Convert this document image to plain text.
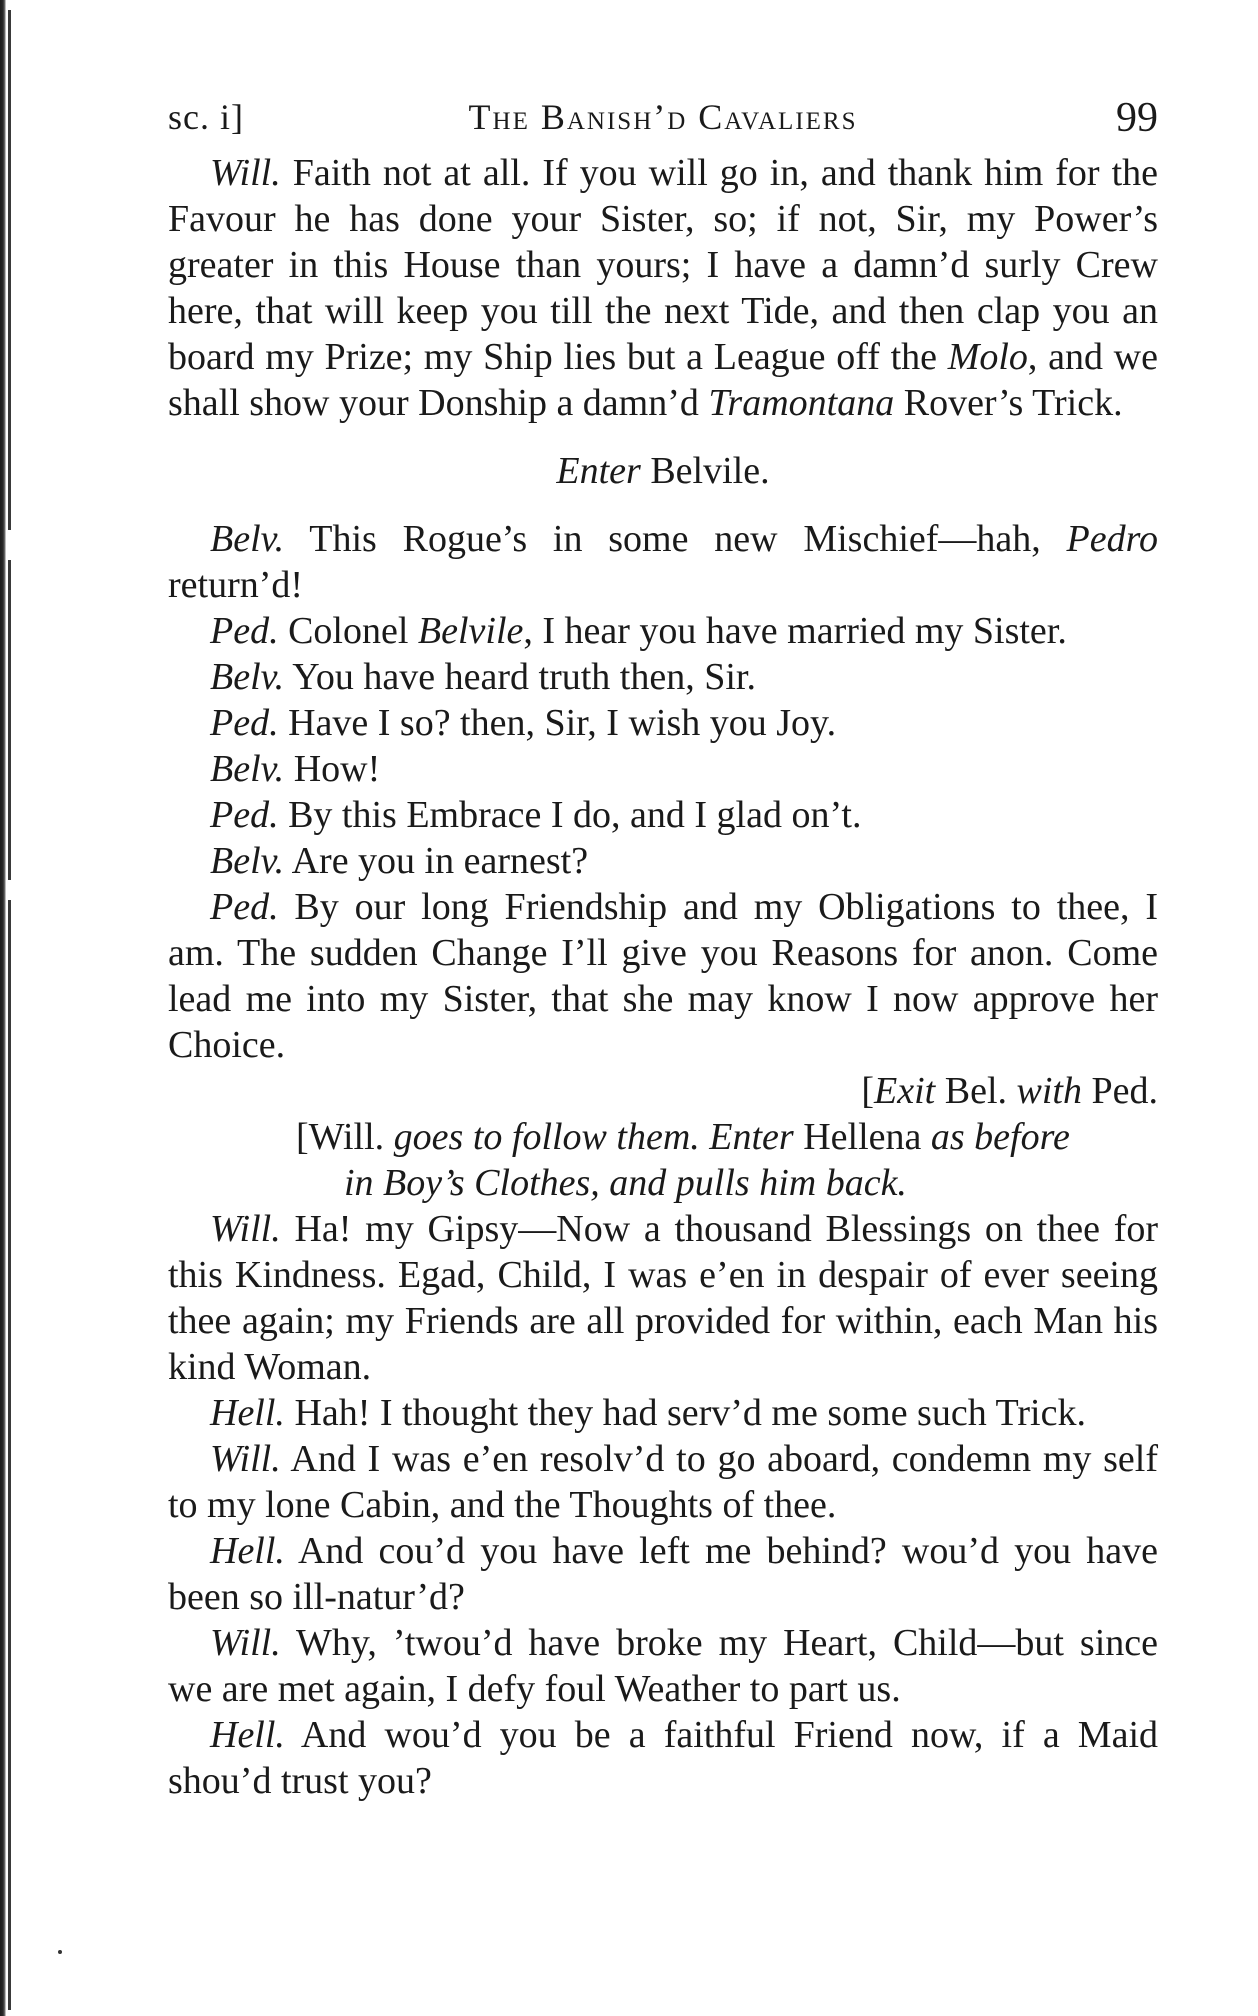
sc. i]	The Banish’d Cavaliers	99

Will. Faith not at all. If you will go in, and thank him for the Favour he has done your Sister, so; if not, Sir, my Power’s greater in this House than yours; I have a damn’d surly Crew here, that will keep you till the next Tide, and then clap you an board my Prize; my Ship lies but a League off the Molo, and we shall show your Donship a damn’d Tramontana Rover’s Trick.

Enter Belvile.

Belv. This Rogue’s in some new Mischief—hah, Pedro return’d!

Ped. Colonel Belvile, I hear you have married my Sister.

Belv. You have heard truth then, Sir.

Ped. Have I so? then, Sir, I wish you Joy.

Belv. How!

Ped. By this Embrace I do, and I glad on’t.

Belv. Are you in earnest?

Ped. By our long Friendship and my Obligations to thee, I am. The sudden Change I’ll give you Reasons for anon. Come lead me into my Sister, that she may know I now approve her Choice.

[Exit Bel. with Ped.

[Will. goes to follow them. Enter Hellena as before
in Boy’s Clothes, and pulls him back.

Will. Ha! my Gipsy—Now a thousand Blessings on thee for this Kindness. Egad, Child, I was e’en in despair of ever seeing thee again; my Friends are all provided for within, each Man his kind Woman.

Hell. Hah! I thought they had serv’d me some such Trick.

Will. And I was e’en resolv’d to go aboard, condemn my self to my lone Cabin, and the Thoughts of thee.

Hell. And cou’d you have left me behind? wou’d you have been so ill-natur’d?

Will. Why, ’twou’d have broke my Heart, Child—but since we are met again, I defy foul Weather to part us.

Hell. And wou’d you be a faithful Friend now, if a Maid shou’d trust you?
